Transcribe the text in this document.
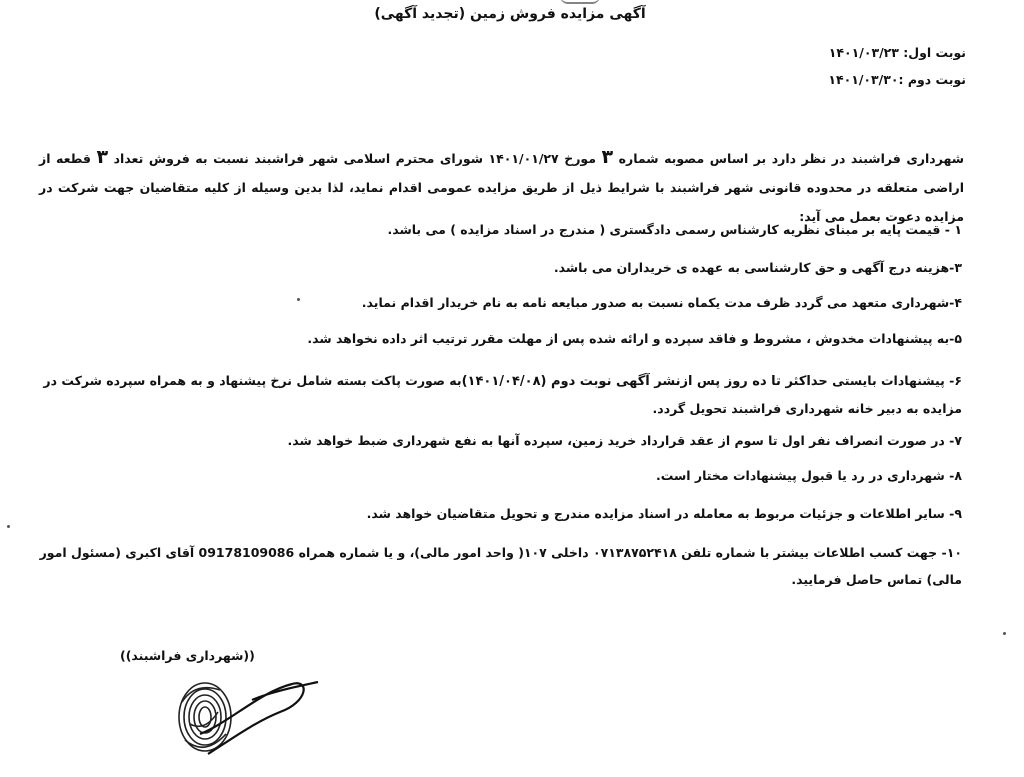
آگهی مزایده فروش زمین (تجدید آگهی)
نوبت اول: ۱۴۰۱/۰۳/۲۳
نوبت دوم :۱۴۰۱/۰۳/۳۰
شهرداری فراشبند در نظر دارد بر اساس مصوبه شماره ۳ مورخ ۱۴۰۱/۰۱/۲۷ شورای محترم اسلامی شهر فراشبند نسبت به فروش تعداد ۳ قطعه از اراضی متعلقه در محدوده قانونی شهر فراشبند با شرایط ذیل از طریق مزایده عمومی اقدام نماید، لذا بدین وسیله از کلیه متقاضیان جهت شرکت در مزایده دعوت بعمل می آید:
۱ - قیمت پایه بر مبنای نظریه کارشناس رسمی دادگستری ( مندرج در اسناد مزایده ) می باشد.
۳-هزینه درج آگهی و حق کارشناسی به عهده ی خریداران می باشد.
۴-شهرداری متعهد می گردد ظرف مدت یکماه نسبت به صدور مبایعه نامه به نام خریدار اقدام نماید.
۵-به پیشنهادات مخدوش ، مشروط و فاقد سپرده و ارائه شده پس از مهلت مقرر ترتیب اثر داده نخواهد شد.
۶- پیشنهادات بایستی حداکثر تا ده روز پس ازنشر آگهی نوبت دوم (۱۴۰۱/۰۴/۰۸)به صورت پاکت بسته شامل نرخ پیشنهاد و به همراه سپرده شرکت در مزایده به دبیر خانه شهرداری فراشبند تحویل گردد.
۷- در صورت انصراف نفر اول تا سوم از عقد قرارداد خرید زمین، سپرده آنها به نفع شهرداری ضبط خواهد شد.
۸- شهرداری در رد یا قبول پیشنهادات مختار است.
۹- سایر اطلاعات و جزئیات مربوط به معامله در اسناد مزایده مندرج و تحویل متقاضیان خواهد شد.
۱۰- جهت کسب اطلاعات بیشتر با شماره تلفن ۰۷۱۳۸۷۵۲۴۱۸ داخلی ۱۰۷( واحد امور مالی)، و یا شماره همراه 09178109086 آقای اکبری (مسئول امور مالی) تماس حاصل فرمایید.
((شهرداری فراشبند))
